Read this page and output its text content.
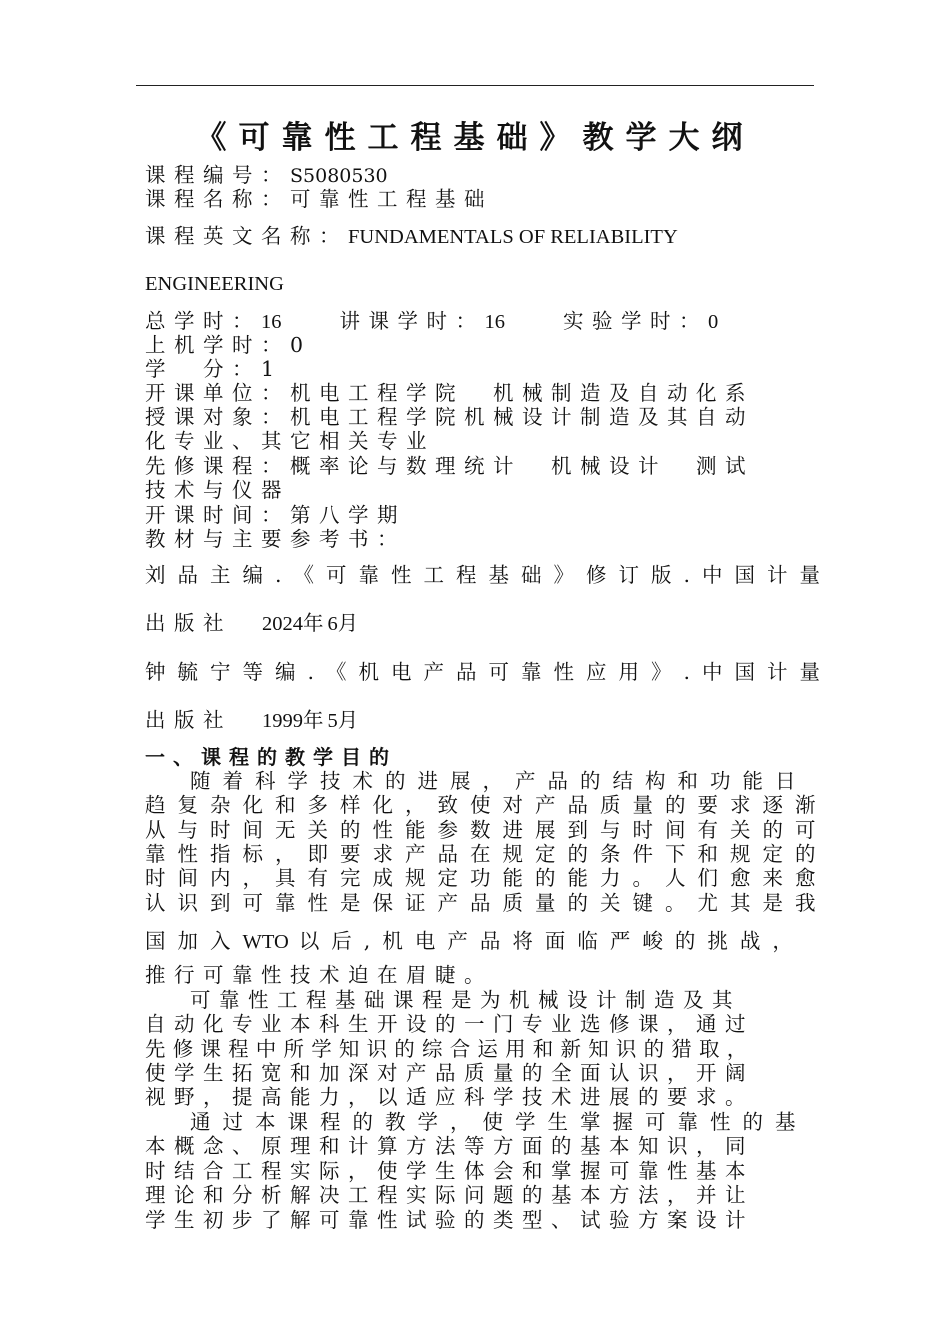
《可靠性工程基础》教学大纲
课程编号：S5080530
课程名称：可靠性工程基础
课程英文名称：FUNDAMENTALS OF RELIABILITY
ENGINEERING
总学时：16	讲课学时：16	实验学时：0
上机学时：0
学　分：1
开课单位：机电工程学院　机械制造及自动化系
授课对象：机电工程学院机械设计制造及其自动
化专业、其它相关专业
先修课程：概率论与数理统计　机械设计　测试
技术与仪器
开课时间：第八学期
教材与主要参考书：
刘品主编.《可靠性工程基础》修订版.中国计量
出版社 2024年6月
钟毓宁等编.《机电产品可靠性应用》.中国计量
出版社 1999年5月
一、课程的教学目的
随着科学技术的进展，产品的结构和功能日
趋复杂化和多样化，致使对产品质量的要求逐渐
从与时间无关的性能参数进展到与时间有关的可
靠性指标，即要求产品在规定的条件下和规定的
时间内，具有完成规定功能的能力。人们愈来愈
认识到可靠性是保证产品质量的关键。尤其是我
国加入WTO 以后,机电产品将面临严峻的挑战，
推行可靠性技术迫在眉睫。
可靠性工程基础课程是为机械设计制造及其
自动化专业本科生开设的一门专业选修课，通过
先修课程中所学知识的综合运用和新知识的猎取，
使学生拓宽和加深对产品质量的全面认识，开阔
视野，提高能力，以适应科学技术进展的要求。
通过本课程的教学，使学生掌握可靠性的基
本概念、原理和计算方法等方面的基本知识，同
时结合工程实际，使学生体会和掌握可靠性基本
理论和分析解决工程实际问题的基本方法，并让
学生初步了解可靠性试验的类型、试验方案设计
